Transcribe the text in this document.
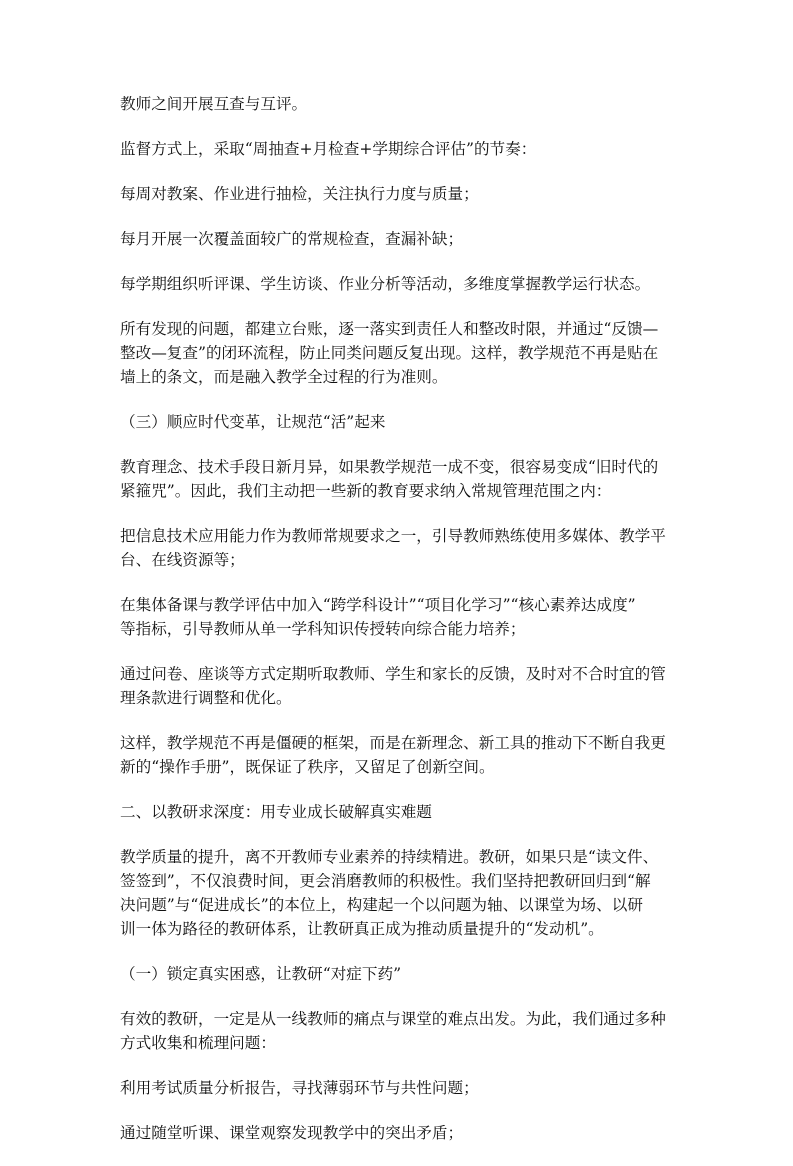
教师之间开展互查与互评。

监督方式上，采取“周抽查+月检查+学期综合评估”的节奏：

每周对教案、作业进行抽检，关注执行力度与质量；

每月开展一次覆盖面较广的常规检查，查漏补缺；

每学期组织听评课、学生访谈、作业分析等活动，多维度掌握教学运行状态。

所有发现的问题，都建立台账，逐一落实到责任人和整改时限，并通过“反馈—
整改—复查”的闭环流程，防止同类问题反复出现。这样，教学规范不再是贴在
墙上的条文，而是融入教学全过程的行为准则。

（三）顺应时代变革，让规范“活”起来

教育理念、技术手段日新月异，如果教学规范一成不变，很容易变成“旧时代的
紧箍咒”。因此，我们主动把一些新的教育要求纳入常规管理范围之内：

把信息技术应用能力作为教师常规要求之一，引导教师熟练使用多媒体、教学平
台、在线资源等；

在集体备课与教学评估中加入“跨学科设计”“项目化学习”“核心素养达成度”
等指标，引导教师从单一学科知识传授转向综合能力培养；

通过问卷、座谈等方式定期听取教师、学生和家长的反馈，及时对不合时宜的管
理条款进行调整和优化。

这样，教学规范不再是僵硬的框架，而是在新理念、新工具的推动下不断自我更
新的“操作手册”，既保证了秩序，又留足了创新空间。

二、以教研求深度：用专业成长破解真实难题

教学质量的提升，离不开教师专业素养的持续精进。教研，如果只是“读文件、
签签到”，不仅浪费时间，更会消磨教师的积极性。我们坚持把教研回归到“解
决问题”与“促进成长”的本位上，构建起一个以问题为轴、以课堂为场、以研
训一体为路径的教研体系，让教研真正成为推动质量提升的“发动机”。

（一）锁定真实困惑，让教研“对症下药”

有效的教研，一定是从一线教师的痛点与课堂的难点出发。为此，我们通过多种
方式收集和梳理问题：

利用考试质量分析报告，寻找薄弱环节与共性问题；

通过随堂听课、课堂观察发现教学中的突出矛盾；
